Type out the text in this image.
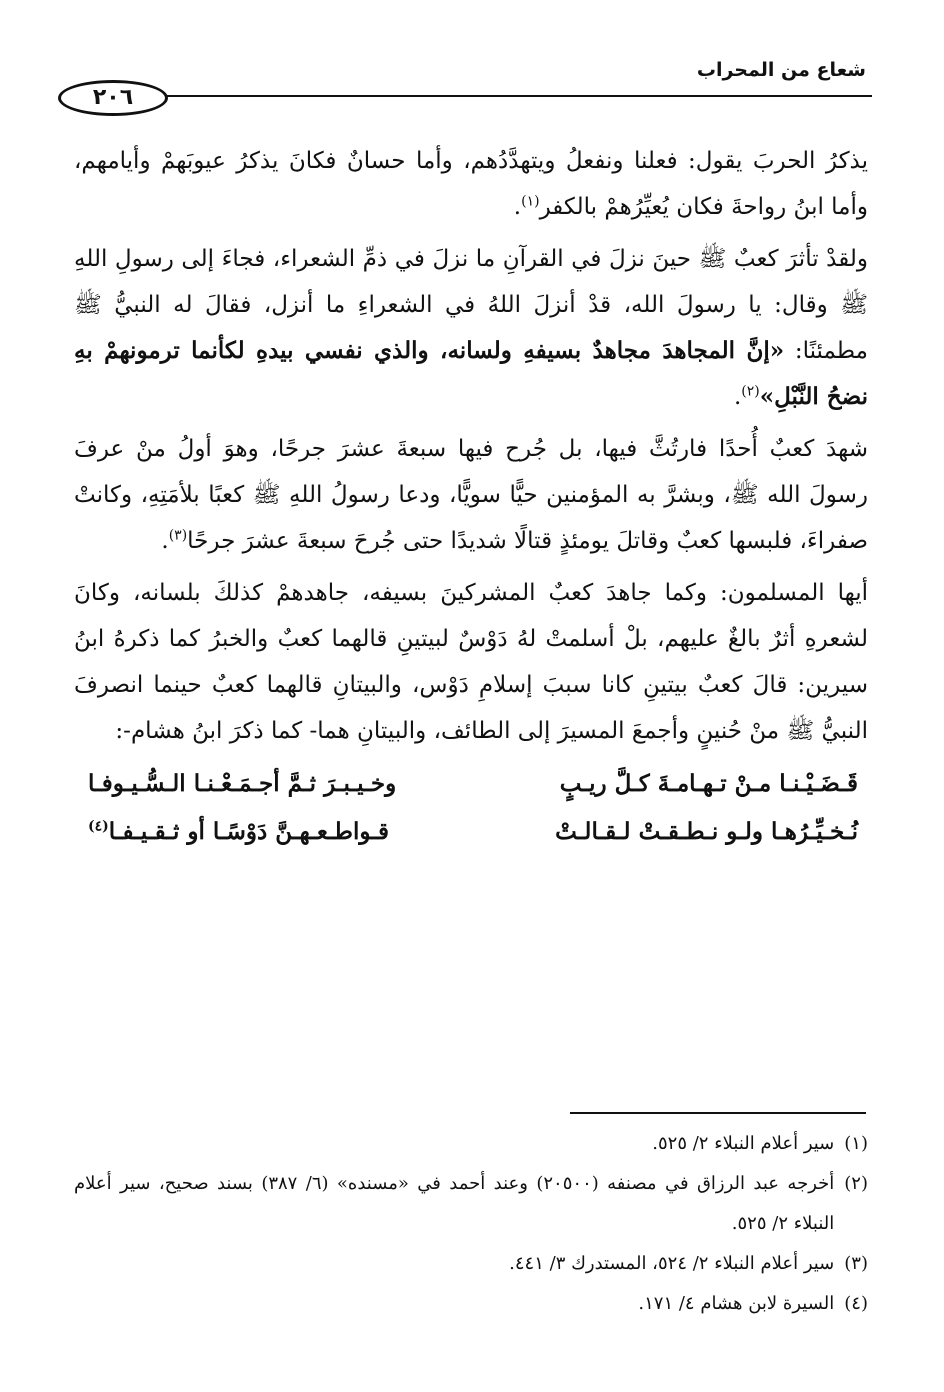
شعاع من المحراب
٢٠٦

يذكرُ الحربَ يقول: فعلنا ونفعلُ ويتهدَّدُهم، وأما حسانٌ فكانَ يذكرُ عيوبَهمْ وأيامهم، وأما ابنُ رواحةَ فكان يُعيِّرُهمْ بالكفر$^{(١)}$.

ولقدْ تأثرَ كعبٌ ﷺ حينَ نزلَ في القرآنِ ما نزلَ في ذمِّ الشعراء، فجاءَ إلى رسولِ اللهِ ﷺ وقال: يا رسولَ الله، قدْ أنزلَ اللهُ في الشعراءِ ما أنزل، فقالَ له النبيُّ ﷺ مطمئنًا: «إنَّ المجاهدَ مجاهدٌ بسيفهِ ولسانه، والذي نفسي بيدهِ لكأنما ترمونهمْ بهِ نضحُ النَّبْلِ»$^{(٢)}$.

شهدَ كعبٌ أُحدًا فارتُثَّ فيها، بل جُرح فيها سبعةَ عشرَ جرحًا، وهوَ أولُ منْ عرفَ رسولَ الله ﷺ، وبشرَّ به المؤمنين حيًّا سويًّا، ودعا رسولُ اللهِ ﷺ كعبًا بلأمَتِهِ، وكانتْ صفراءَ، فلبسها كعبٌ وقاتلَ يومئذٍ قتالًا شديدًا حتى جُرحَ سبعةَ عشرَ جرحًا$^{(٣)}$.

أيها المسلمون: وكما جاهدَ كعبٌ المشركينَ بسيفه، جاهدهمْ كذلكَ بلسانه، وكانَ لشعرهِ أثرٌ بالغٌ عليهم، بلْ أسلمتْ لهُ دَوْسٌ لبيتينِ قالهما كعبٌ والخبرُ كما ذكرهُ ابنُ سيرين: قالَ كعبٌ بيتينِ كانا سببَ إسلامِ دَوْس، والبيتانِ قالهما كعبٌ حينما انصرفَ النبيُّ ﷺ منْ حُنينٍ وأجمعَ المسيرَ إلى الطائف، والبيتانِ هما- كما ذكرَ ابنُ هشام-:

قَـضَـيْـنـا مـنْ تـهـامـةَ كـلَّ ريـبٍ
وخـيـبـرَ ثـمَّ أجـمَـعْـنـا الـسُّـيـوفـا
نُـخـيِّـرُهـا ولـو نـطـقـتْ لـقـالـتْ
قـواطـعـهـنَّ دَوْسًـا أو ثـقـيـفـا$^{(٤)}$

(١)
سير أعلام النبلاء ٢/ ٥٢٥.

(٢)
أخرجه عبد الرزاق في مصنفه (٢٠٥٠٠) وعند أحمد في «مسنده» (٦/ ٣٨٧) بسند صحيح، سير أعلام النبلاء ٢/ ٥٢٥.

(٣)
سير أعلام النبلاء ٢/ ٥٢٤، المستدرك ٣/ ٤٤١.

(٤)
السيرة لابن هشام ٤/ ١٧١.
